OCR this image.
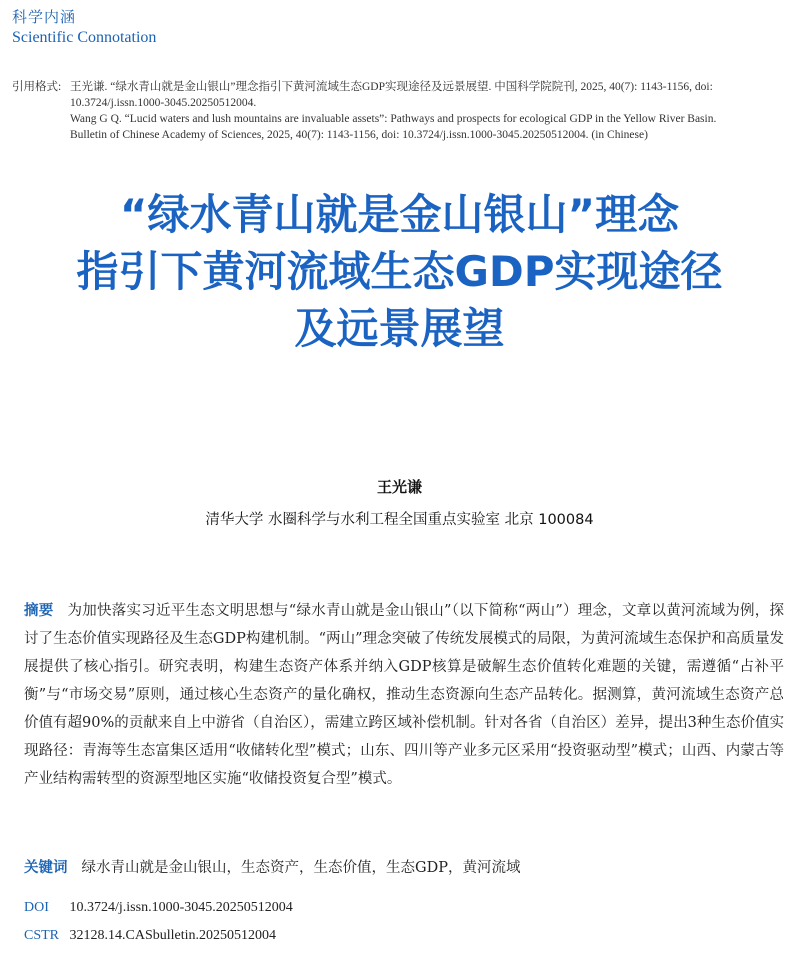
科学内涵
Scientific Connotation
引用格式: 王光谦. “绿水青山就是金山银山”理念指引下黄河流域生态GDP实现途径及远景展望. 中国科学院院刊, 2025, 40(7): 1143-1156, doi:
10.3724/j.issn.1000-3045.20250512004.
Wang G Q. “Lucid waters and lush mountains are invaluable assets”: Pathways and prospects for ecological GDP in the Yellow River Basin.
Bulletin of Chinese Academy of Sciences, 2025, 40(7): 1143-1156, doi: 10.3724/j.issn.1000-3045.20250512004. (in Chinese)
“绿水青山就是金山银山”理念
指引下黄河流域生态GDP实现途径
及远景展望
王光谦
清华大学 水圈科学与水利工程全国重点实验室 北京 100084
摘要 为加快落实习近平生态文明思想与“绿水青山就是金山银山”（以下简称“两山”）理念，文章以黄河流域为例，探讨了生态价值实现路径及生态GDP构建机制。“两山”理念突破了传统发展模式的局限，为黄河流域生态保护和高质量发展提供了核心指引。研究表明，构建生态资产体系并纳入GDP核算是破解生态价值转化难题的关键，需遵循“占补平衡”与“市场交易”原则，通过核心生态资产的量化确权，推动生态资源向生态产品转化。据测算，黄河流域生态资产总价值有超90%的贡献来自上中游省（自治区），需建立跨区域补偿机制。针对各省（自治区）差异，提出3种生态价值实现路径：青海等生态富集区适用“收储转化型”模式；山东、四川等产业多元区采用“投资驱动型”模式；山西、内蒙古等产业结构需转型的资源型地区实施“收储投资复合型”模式。
关键词 绿水青山就是金山银山，生态资产，生态价值，生态GDP，黄河流域
DOI 10.3724/j.issn.1000-3045.20250512004
CSTR 32128.14.CASbulletin.20250512004
